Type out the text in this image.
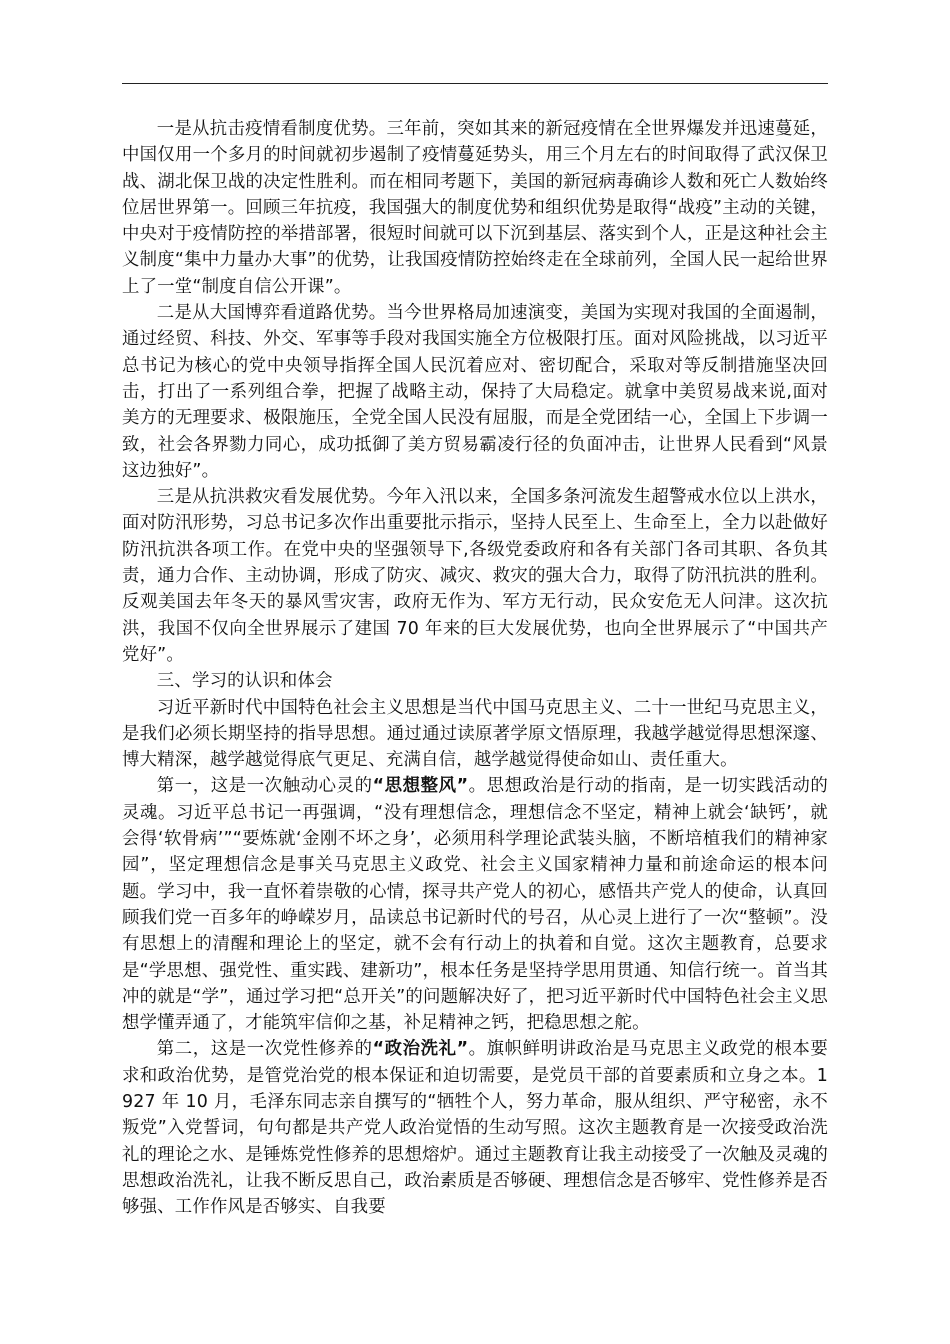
一是从抗击疫情看制度优势。三年前，突如其来的新冠疫情在全世界爆发并迅速蔓延，中国仅用一个多月的时间就初步遏制了疫情蔓延势头，用三个月左右的时间取得了武汉保卫战、湖北保卫战的决定性胜利。而在相同考题下，美国的新冠病毒确诊人数和死亡人数始终位居世界第一。回顾三年抗疫，我国强大的制度优势和组织优势是取得“战疫”主动的关键，中央对于疫情防控的举措部署，很短时间就可以下沉到基层、落实到个人，正是这种社会主义制度“集中力量办大事”的优势，让我国疫情防控始终走在全球前列，全国人民一起给世界上了一堂“制度自信公开课”。

二是从大国博弈看道路优势。当今世界格局加速演变，美国为实现对我国的全面遏制，通过经贸、科技、外交、军事等手段对我国实施全方位极限打压。面对风险挑战，以习近平总书记为核心的党中央领导指挥全国人民沉着应对、密切配合，采取对等反制措施坚决回击，打出了一系列组合拳，把握了战略主动，保持了大局稳定。就拿中美贸易战来说,面对美方的无理要求、极限施压，全党全国人民没有屈服，而是全党团结一心，全国上下步调一致，社会各界勠力同心，成功抵御了美方贸易霸凌行径的负面冲击，让世界人民看到“风景这边独好”。

三是从抗洪救灾看发展优势。今年入汛以来，全国多条河流发生超警戒水位以上洪水，面对防汛形势，习总书记多次作出重要批示指示，坚持人民至上、生命至上，全力以赴做好防汛抗洪各项工作。在党中央的坚强领导下,各级党委政府和各有关部门各司其职、各负其责，通力合作、主动协调，形成了防灾、减灾、救灾的强大合力，取得了防汛抗洪的胜利。反观美国去年冬天的暴风雪灾害，政府无作为、军方无行动，民众安危无人问津。这次抗洪，我国不仅向全世界展示了建国 70 年来的巨大发展优势，也向全世界展示了“中国共产党好”。

三、学习的认识和体会

习近平新时代中国特色社会主义思想是当代中国马克思主义、二十一世纪马克思主义，是我们必须长期坚持的指导思想。通过通过读原著学原文悟原理，我越学越觉得思想深邃、博大精深，越学越觉得底气更足、充满自信，越学越觉得使命如山、责任重大。

第一，这是一次触动心灵的“思想整风”。思想政治是行动的指南，是一切实践活动的灵魂。习近平总书记一再强调，“没有理想信念，理想信念不坚定，精神上就会‘缺钙’，就会得‘软骨病’”“要炼就‘金刚不坏之身’，必须用科学理论武装头脑，不断培植我们的精神家园”，坚定理想信念是事关马克思主义政党、社会主义国家精神力量和前途命运的根本问题。学习中，我一直怀着崇敬的心情，探寻共产党人的初心，感悟共产党人的使命，认真回顾我们党一百多年的峥嵘岁月，品读总书记新时代的号召，从心灵上进行了一次“整顿”。没有思想上的清醒和理论上的坚定，就不会有行动上的执着和自觉。这次主题教育，总要求是“学思想、强党性、重实践、建新功”，根本任务是坚持学思用贯通、知信行统一。首当其冲的就是“学”，通过学习把“总开关”的问题解决好了，把习近平新时代中国特色社会主义思想学懂弄通了，才能筑牢信仰之基，补足精神之钙，把稳思想之舵。

第二，这是一次党性修养的“政治洗礼”。旗帜鲜明讲政治是马克思主义政党的根本要求和政治优势，是管党治党的根本保证和迫切需要，是党员干部的首要素质和立身之本。1927 年 10 月，毛泽东同志亲自撰写的“牺牲个人，努力革命，服从组织、严守秘密，永不叛党”入党誓词，句句都是共产党人政治觉悟的生动写照。这次主题教育是一次接受政治洗礼的理论之水、是锤炼党性修养的思想熔炉。通过主题教育让我主动接受了一次触及灵魂的思想政治洗礼，让我不断反思自己，政治素质是否够硬、理想信念是否够牢、党性修养是否够强、工作作风是否够实、自我要
